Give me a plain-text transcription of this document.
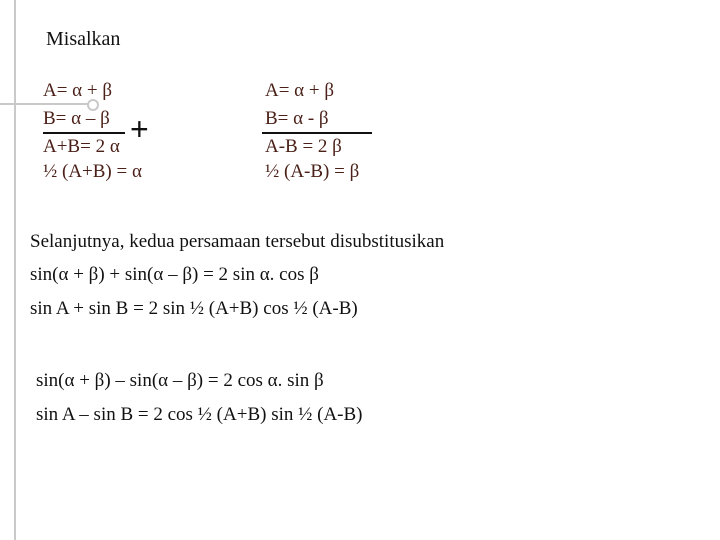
Misalkan
A= α + β
B= α – β +
A+B= 2 α
½ (A+B) = α
A= α + β
B= α - β
A-B = 2 β
½ (A-B) = β
Selanjutnya, kedua persamaan tersebut disubstitusikan
sin(α + β) + sin(α – β) = 2 sin α. cos β
sin A + sin B = 2 sin ½ (A+B) cos ½ (A-B)
sin(α + β) – sin(α – β) = 2 cos α. sin β
sin A – sin B = 2 cos ½ (A+B) sin ½ (A-B)
